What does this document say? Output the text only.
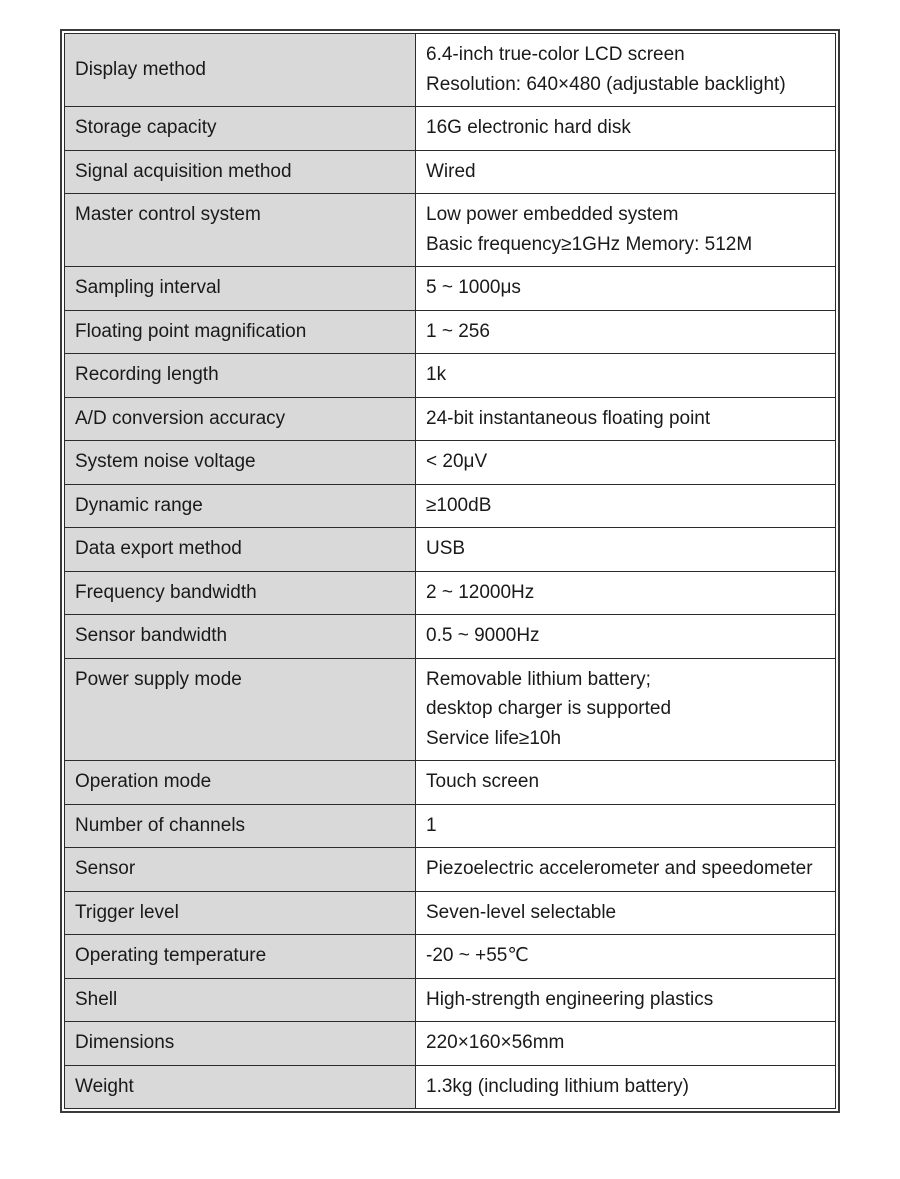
Display method	6.4-inch true-color LCD screen
Resolution: 640×480 (adjustable backlight)
Storage capacity	16G electronic hard disk
Signal acquisition method	Wired
Master control system	Low power embedded system
Basic frequency≥1GHz Memory: 512M
Sampling interval	5 ~ 1000μs
Floating point magnification	1 ~ 256
Recording length	1k
A/D conversion accuracy	24-bit instantaneous floating point
System noise voltage	< 20μV
Dynamic range	≥100dB
Data export method	USB
Frequency bandwidth	2 ~ 12000Hz
Sensor bandwidth	0.5 ~ 9000Hz
Power supply mode	Removable lithium battery;
desktop charger is supported
Service life≥10h
Operation mode	Touch screen
Number of channels	1
Sensor	Piezoelectric accelerometer and speedometer
Trigger level	Seven-level selectable
Operating temperature	-20 ~ +55℃
Shell	High-strength engineering plastics
Dimensions	220×160×56mm
Weight	1.3kg (including lithium battery)
